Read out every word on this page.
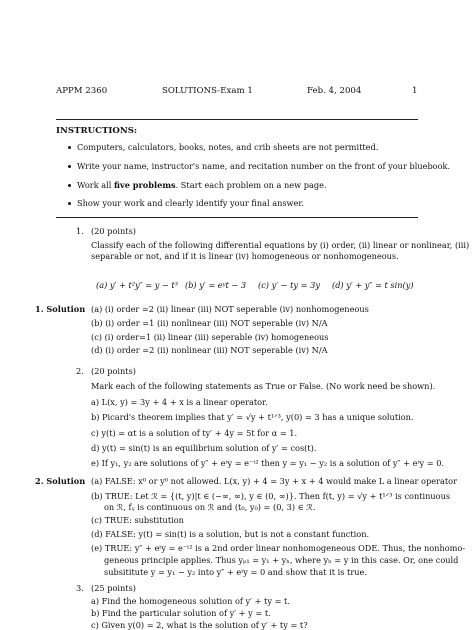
APPM 2360	SOLUTIONS-Exam 1	Feb. 4, 2004	1
INSTRUCTIONS:
Computers, calculators, books, notes, and crib sheets are not permitted.
Write your name, instructor's name, and recitation number on the front of your bluebook.
Work all five problems. Start each problem on a new page.
Show your work and clearly identify your final answer.
1. (20 points)
Classify each of the following differential equations by (i) order, (ii) linear or nonlinear, (iii)
separable or not, and if it is linear (iv) homogeneous or nonhomogeneous.
(a) y′ + t²y″ = y − t³ (b) y′ = eʸt − 3 (c) y′ − ty = 3y (d) y′ + y″ = t sin(y)
1. Solution (a) (i) order =2 (ii) linear (iii) NOT seperable (iv) nonhomogeneous
(b) (i) order =1 (ii) nonlinear (iii) NOT seperable (iv) N/A
(c) (i) order=1 (ii) linear (iii) seperable (iv) homogeneous
(d) (i) order =2 (ii) nonlinear (iii) NOT seperable (iv) N/A
2. (20 points)
Mark each of the following statements as True or False. (No work need be shown).
a) L(x, y) = 3y + 4 + x is a linear operator.
b) Picard's theorem implies that y′ = √y + t¹ᐟ³, y(0) = 3 has a unique solution.
c) y(t) = αt is a solution of ty′ + 4y = 5t for α = 1.
d) y(t) = sin(t) is an equilibrium solution of y′ = cos(t).
e) If y₁, y₂ are solutions of y″ + eᵗy = e⁻ᵗ² then y = y₁ − y₂ is a solution of y″ + eᵗy = 0.
2. Solution (a) FALSE: x⁰ or y⁰ not allowed. L(x, y) + 4 = 3y + x + 4 would make L a linear operator
(b) TRUE: Let ℛ = {(t, y)|t ∈ (−∞, ∞), y ∈ (0, ∞)}. Then f(t, y) = √y + t¹ᐟ³ is continuous
on ℛ, fᵧ is continuous on ℛ and (t₀, y₀) = (0, 3) ∈ ℛ.
(c) TRUE: substitution
(d) FALSE: y(t) = sin(t) is a solution, but is not a constant function.
(e) TRUE: y″ + eᵗy = e⁻ᵗ² is a 2nd order linear nonhomogeneous ODE. Thus, the nonhomo-
geneous principle applies. Thus yₚ₁ = y₁ + yₕ, where yₕ = y in this case. Or, one could
subsititute y = y₁ − y₂ into y″ + eᵗy = 0 and show that it is true.
3. (25 points)
a) Find the homogeneous solution of y′ + ty = t.
b) Find the particular solution of y′ + y = t.
c) Given y(0) = 2, what is the solution of y′ + ty = t?
